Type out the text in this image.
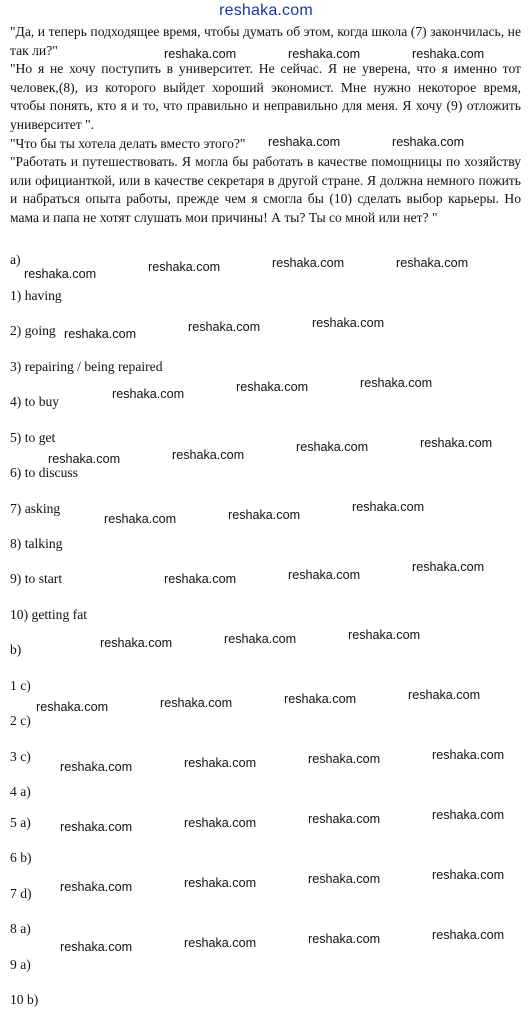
reshaka.com

"Да, и теперь подходящее время, чтобы думать об этом, когда школа (7) закончилась, не так ли?"

"Но я не хочу поступить в университет. Не сейчас. Я не уверена, что я именно тот человек,(8), из которого выйдет хороший экономист. Мне нужно некоторое время, чтобы понять, кто я и то, что правильно и неправильно для меня. Я хочу (9) отложить университет ".

"Что бы ты хотела делать вместо этого?"

"Работать и путешествовать. Я могла бы работать в качестве помощницы по хозяйству или официанткой, или в качестве секретаря в другой стране. Я должна немного пожить и набраться опыта работы, прежде чем я смогла бы (10) сделать выбор карьеры. Но мама и папа не хотят слушать мои причины! А ты? Ты со мной или нет? "

a)
1) having
2) going
3) repairing / being repaired
4) to buy
5) to get
6) to discuss
7) asking
8) talking
9) to start
10) getting fat
b)
1 c)
2 c)
3 c)
4 a)
5 a)
6 b)
7 d)
8 a)
9 a)
10 b)
reshaka.com	reshaka.com	reshaka.com
reshaka.com	reshaka.com
reshaka.com	reshaka.com	reshaka.com	reshaka.com
reshaka.com	reshaka.com	reshaka.com
reshaka.com	reshaka.com	reshaka.com
reshaka.com	reshaka.com
reshaka.com	reshaka.com
reshaka.com	reshaka.com
reshaka.com
reshaka.com	reshaka.com
reshaka.com
reshaka.com	reshaka.com	reshaka.com
reshaka.com	reshaka.com	reshaka.com	reshaka.com
reshaka.com	reshaka.com	reshaka.com	reshaka.com
reshaka.com	reshaka.com	reshaka.com	reshaka.com
reshaka.com	reshaka.com	reshaka.com	reshaka.com
reshaka.com	reshaka.com	reshaka.com	reshaka.com
